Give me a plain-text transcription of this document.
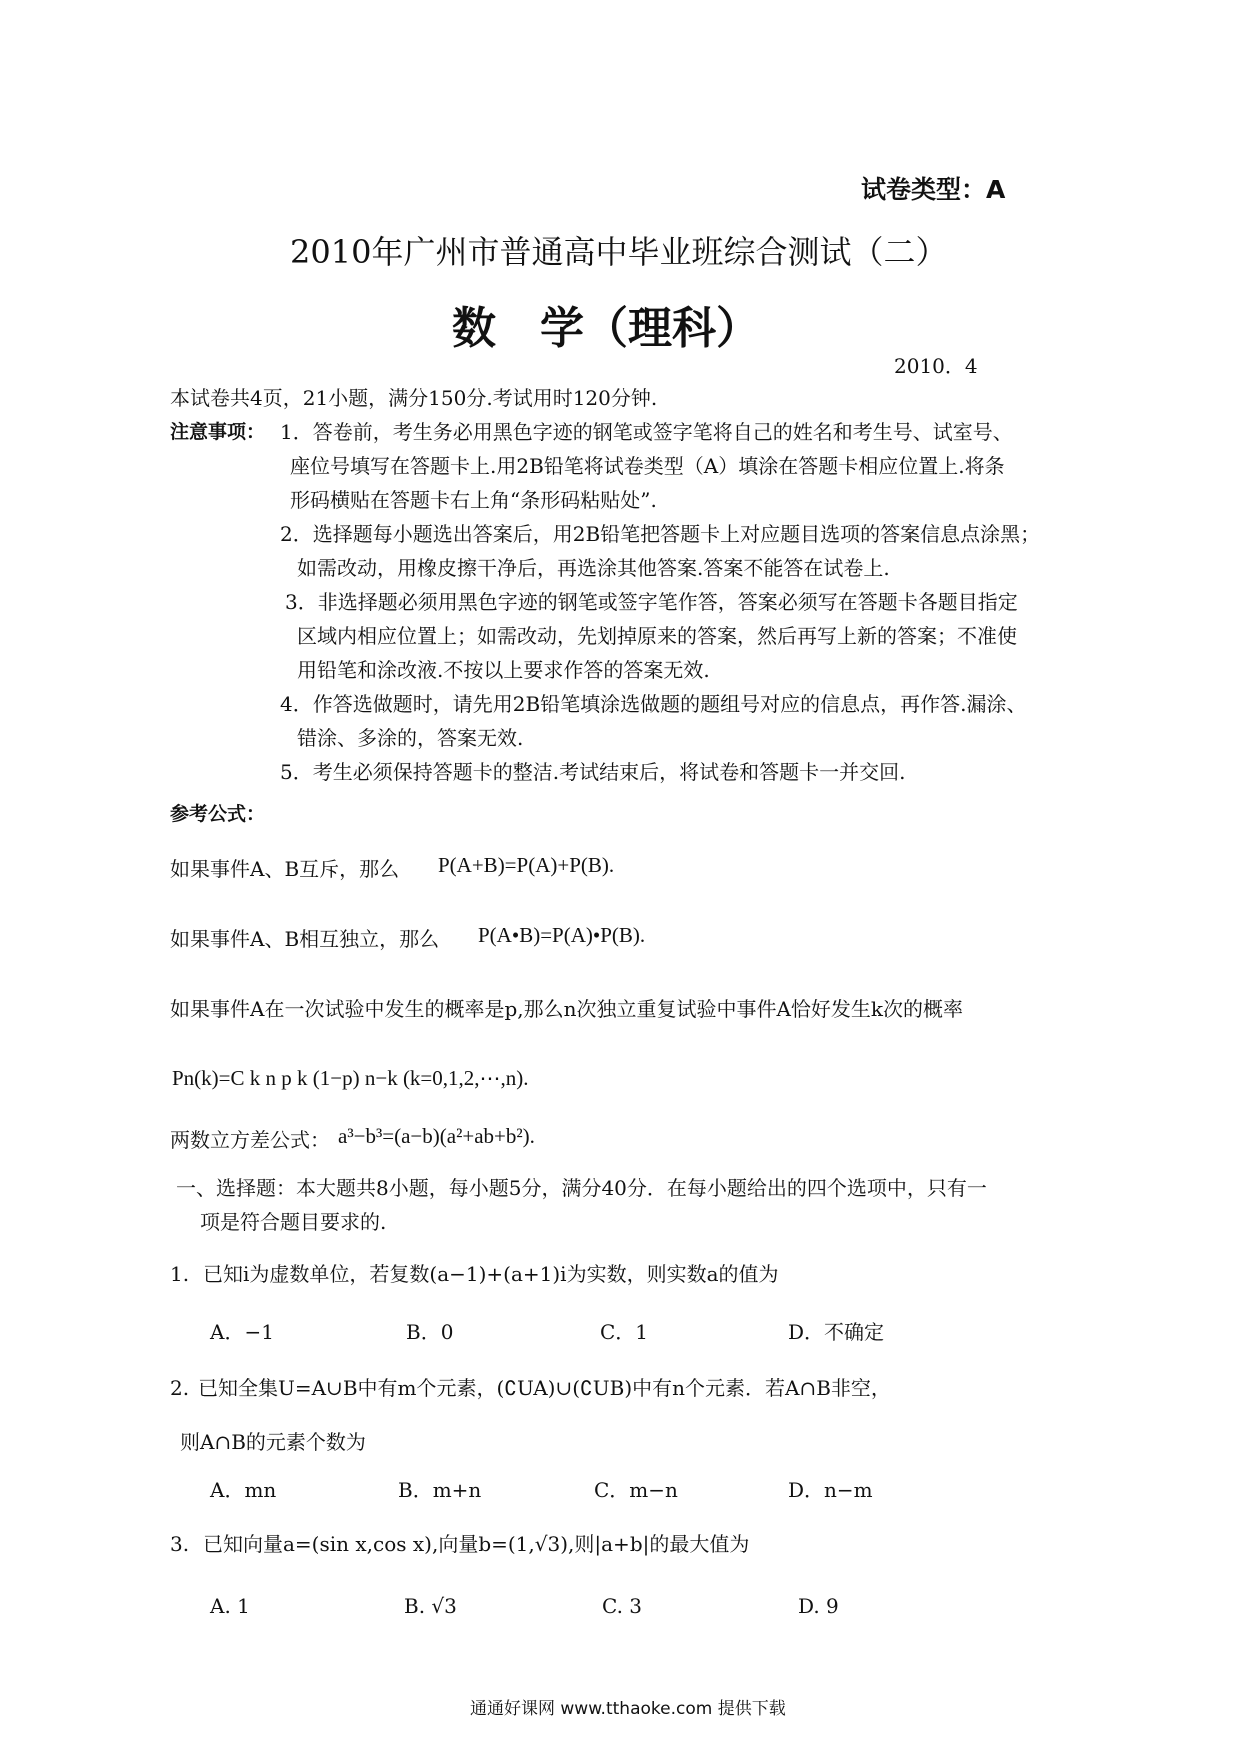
试卷类型：A
2010年广州市普通高中毕业班综合测试（二）
数　学（理科）
2010．4
本试卷共4页，21小题，满分150分.考试用时120分钟.
注意事项： 1．答卷前，考生务必用黑色字迹的钢笔或签字笔将自己的姓名和考生号、试室号、
座位号填写在答题卡上.用2B铅笔将试卷类型（A）填涂在答题卡相应位置上.将条
形码横贴在答题卡右上角“条形码粘贴处”.
2．选择题每小题选出答案后，用2B铅笔把答题卡上对应题目选项的答案信息点涂黑；
如需改动，用橡皮擦干净后，再选涂其他答案.答案不能答在试卷上.
3．非选择题必须用黑色字迹的钢笔或签字笔作答，答案必须写在答题卡各题目指定
区域内相应位置上；如需改动，先划掉原来的答案，然后再写上新的答案；不准使
用铅笔和涂改液.不按以上要求作答的答案无效.
4．作答选做题时，请先用2B铅笔填涂选做题的题组号对应的信息点，再作答.漏涂、
错涂、多涂的，答案无效.
5．考生必须保持答题卡的整洁.考试结束后，将试卷和答题卡一并交回.
参考公式：
如果事件A、B互斥，那么 P(A+B)=P(A)+P(B).
如果事件A、B相互独立，那么 P(A•B)=P(A)•P(B).
如果事件A在一次试验中发生的概率是p,那么n次独立重复试验中事件A恰好发生k次的概率
Pn(k)=C k n p k (1−p) n−k (k=0,1,2,⋯,n).
两数立方差公式： a³−b³=(a−b)(a²+ab+b²).
一、选择题：本大题共8小题，每小题5分，满分40分．在每小题给出的四个选项中，只有一
项是符合题目要求的.
1. 已知i为虚数单位，若复数(a−1)+(a+1)i为实数，则实数a的值为
A．−1	B．0	C．1	D．不确定
2. 已知全集U=A∪B中有m个元素，(∁UA)∪(∁UB)中有n个元素．若A∩B非空，
则A∩B的元素个数为
A．mn	B．m+n	C．m−n	D．n−m
3. 已知向量a=(sin x,cos x),向量b=(1,√3),则|a+b|的最大值为
A. 1	B. √3	C. 3	D. 9
通通好课网 www.tthaoke.com 提供下载
